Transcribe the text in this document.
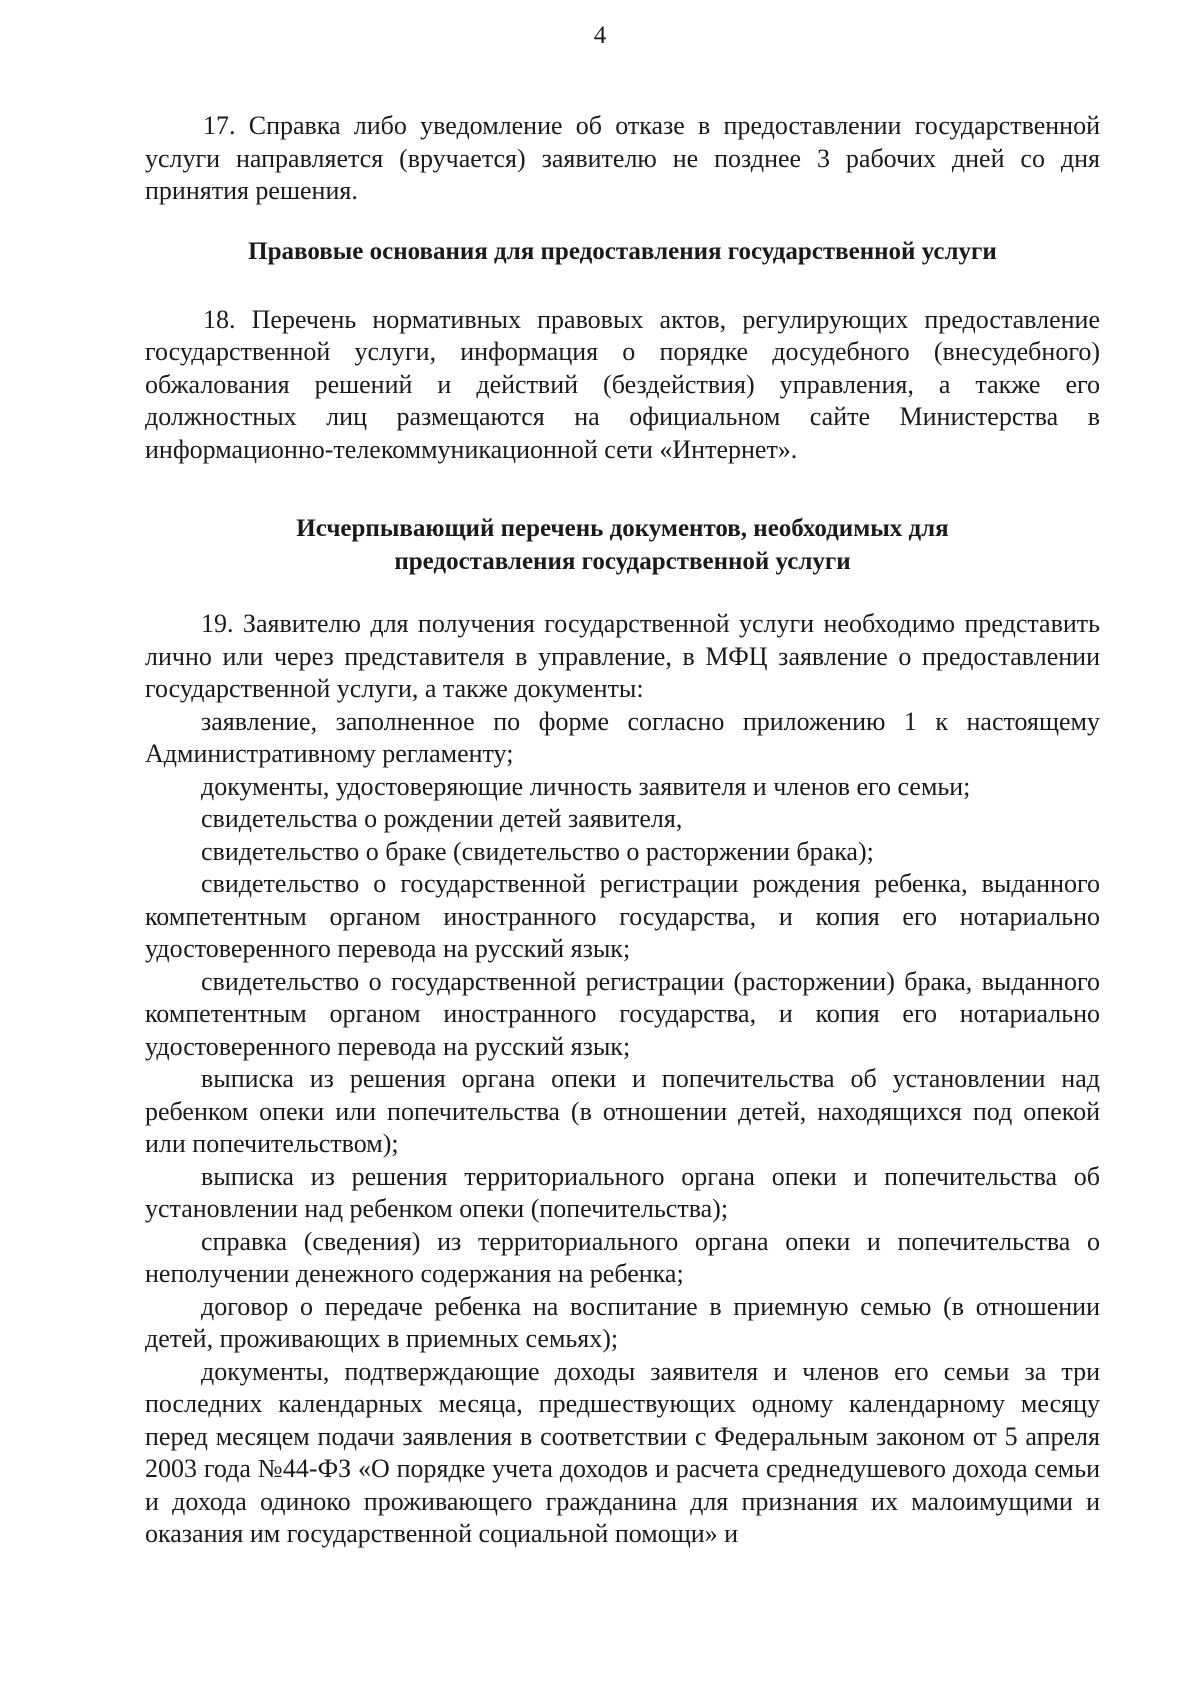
4

17. Справка либо уведомление об отказе в предоставлении государственной услуги направляется (вручается) заявителю не позднее 3 рабочих дней со дня принятия решения.

Правовые основания для предоставления государственной услуги

18. Перечень нормативных правовых актов, регулирующих предоставление государственной услуги, информация о порядке досудебного (внесудебного) обжалования решений и действий (бездействия) управления, а также его должностных лиц размещаются на официальном сайте Министерства в информационно-телекоммуникационной сети «Интернет».

Исчерпывающий перечень документов, необходимых для
предоставления государственной услуги

19. Заявителю для получения государственной услуги необходимо представить лично или через представителя в управление, в МФЦ заявление о предоставлении государственной услуги, а также документы:

заявление, заполненное по форме согласно приложению 1 к настоящему Административному регламенту;

документы, удостоверяющие личность заявителя и членов его семьи;

свидетельства о рождении детей заявителя,

свидетельство о браке (свидетельство о расторжении брака);

свидетельство о государственной регистрации рождения ребенка, выданного компетентным органом иностранного государства, и копия его нотариально удостоверенного перевода на русский язык;

свидетельство о государственной регистрации (расторжении) брака, выданного компетентным органом иностранного государства, и копия его нотариально удостоверенного перевода на русский язык;

выписка из решения органа опеки и попечительства об установлении над ребенком опеки или попечительства (в отношении детей, находящихся под опекой или попечительством);

выписка из решения территориального органа опеки и попечительства об установлении над ребенком опеки (попечительства);

справка (сведения) из территориального органа опеки и попечительства о неполучении денежного содержания на ребенка;

договор о передаче ребенка на воспитание в приемную семью (в отношении детей, проживающих в приемных семьях);

документы, подтверждающие доходы заявителя и членов его семьи за три последних календарных месяца, предшествующих одному календарному месяцу перед месяцем подачи заявления в соответствии с Федеральным законом от 5 апреля 2003 года №44-ФЗ «О порядке учета доходов и расчета среднедушевого дохода семьи и дохода одиноко проживающего гражданина для признания их малоимущими и оказания им государственной социальной помощи» и
